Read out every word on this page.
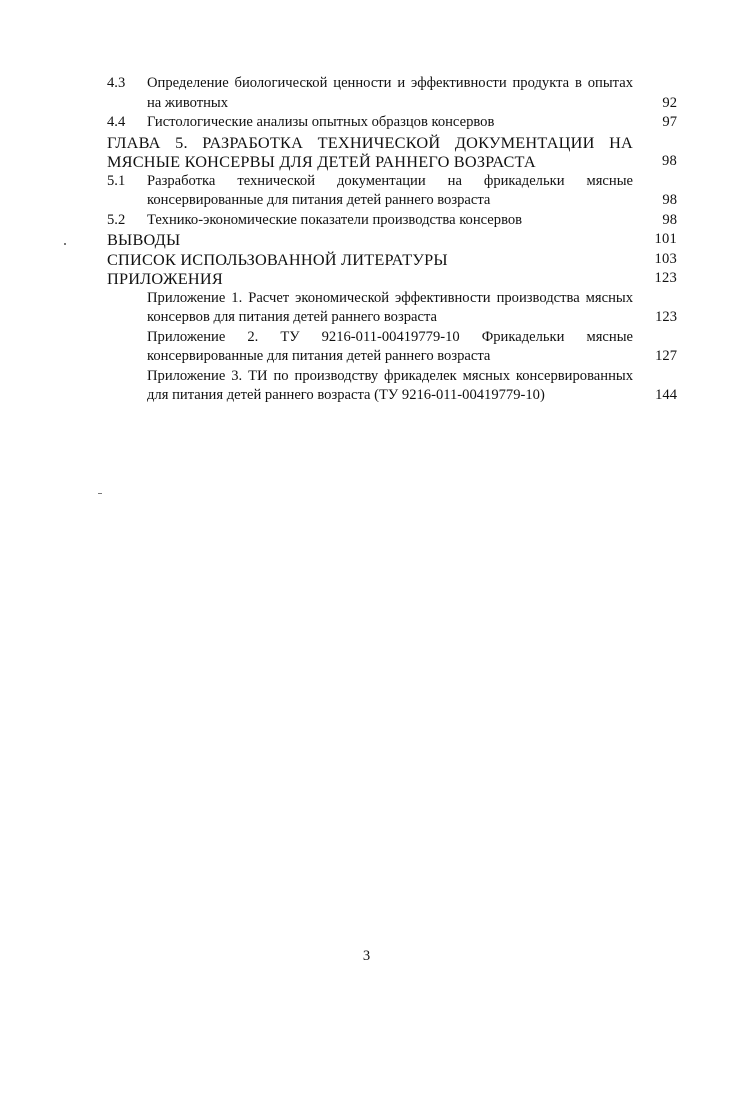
4.3	Определение биологической ценности и эффективности продукта в опытах на животных	92
4.4	Гистологические анализы опытных образцов консервов	97
ГЛАВА 5. РАЗРАБОТКА ТЕХНИЧЕСКОЙ ДОКУМЕНТАЦИИ НА МЯСНЫЕ КОНСЕРВЫ ДЛЯ ДЕТЕЙ РАННЕГО ВОЗРАСТА	98
5.1	Разработка технической документации на фрикадельки мясные консервированные для питания детей раннего возраста	98
5.2	Технико-экономические показатели производства консервов	98
ВЫВОДЫ	101
СПИСОК ИСПОЛЬЗОВАННОЙ ЛИТЕРАТУРЫ	103
ПРИЛОЖЕНИЯ	123
Приложение 1. Расчет экономической эффективности производства мясных консервов для питания детей раннего возраста	123
Приложение 2. ТУ 9216-011-00419779-10 Фрикадельки мясные консервированные для питания детей раннего возраста	127
Приложение 3. ТИ по производству фрикаделек мясных консервированных для питания детей раннего возраста (ТУ 9216-011-00419779-10)	144
3
